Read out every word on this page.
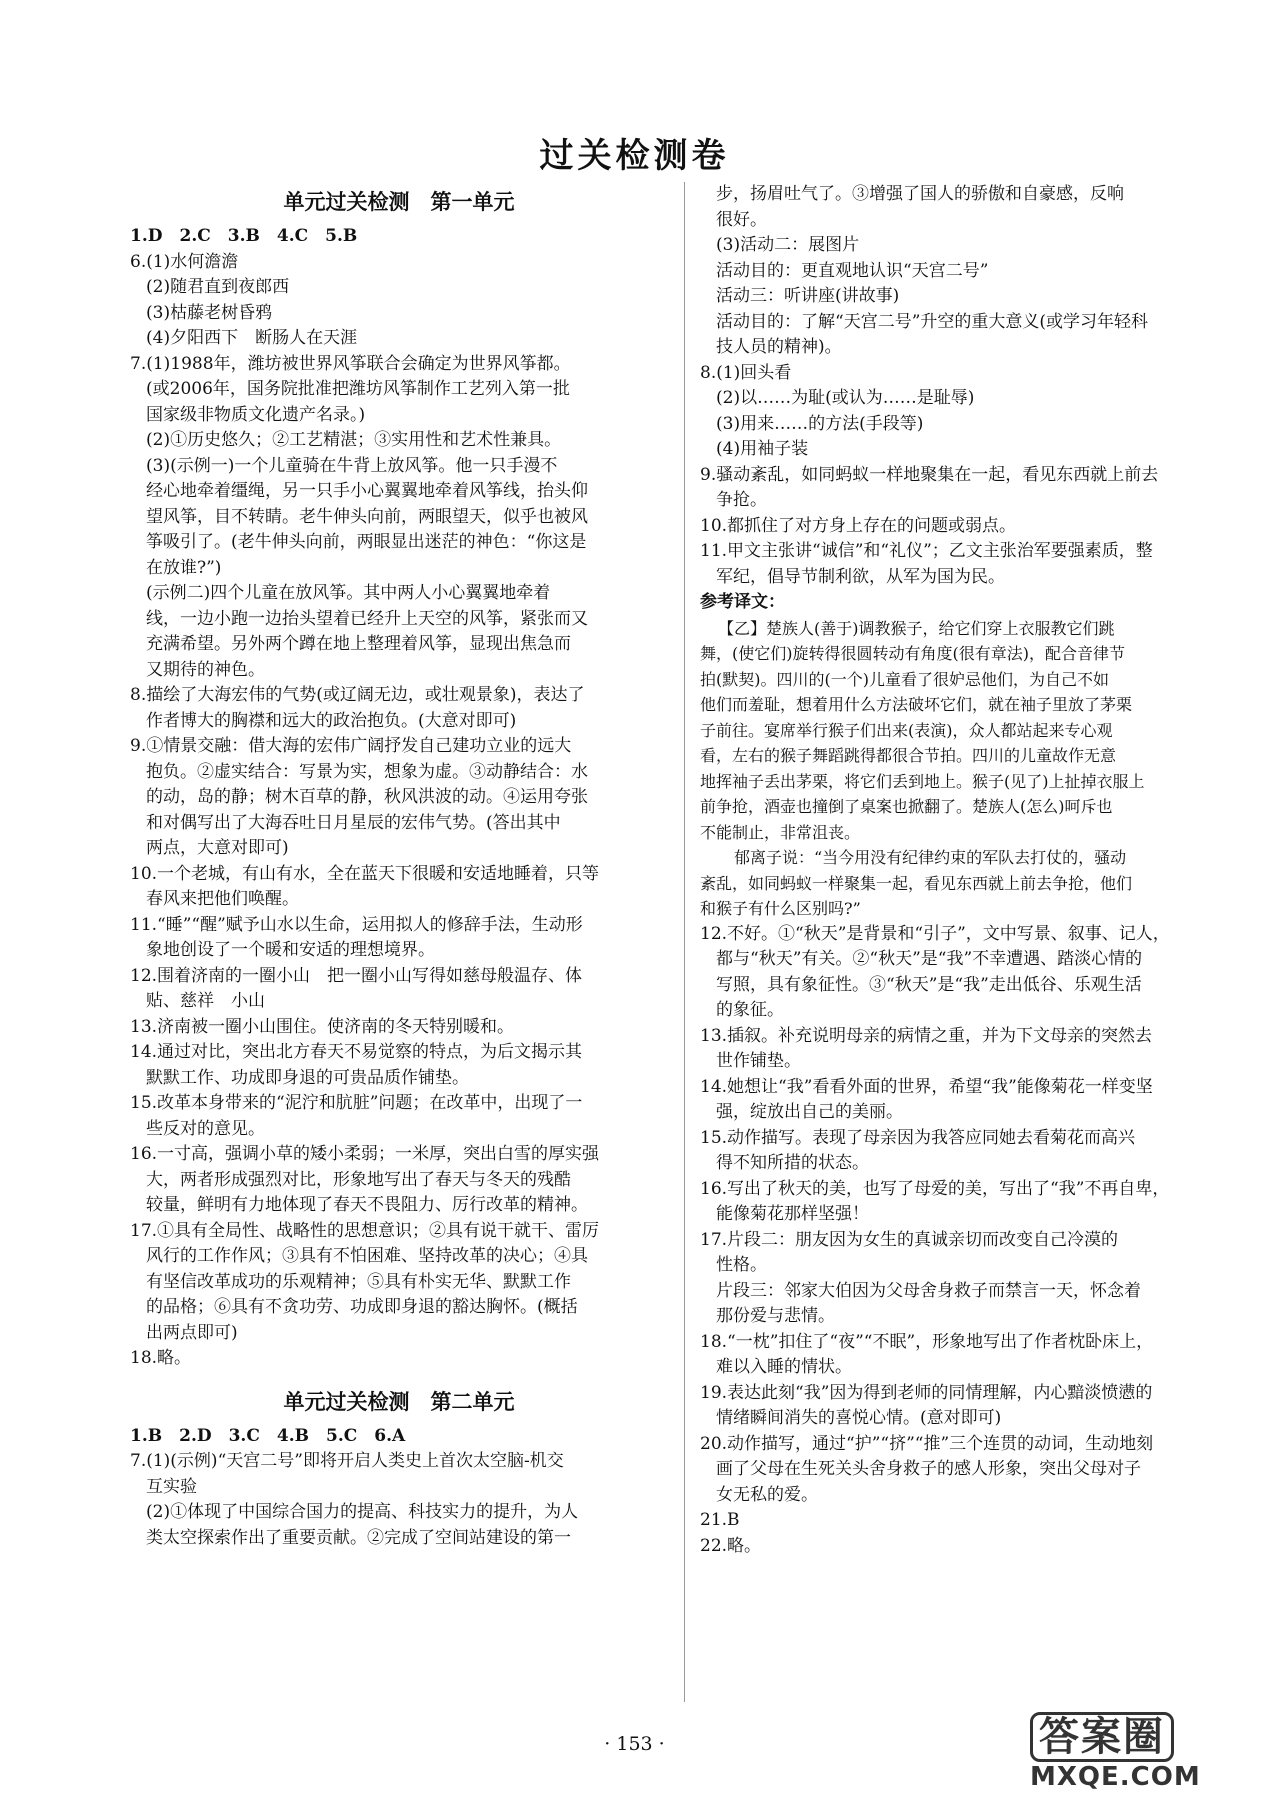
过关检测卷
单元过关检测　第一单元
1.D　2.C　3.B　4.C　5.B
6.(1)水何澹澹
(2)随君直到夜郎西
(3)枯藤老树昏鸦
(4)夕阳西下　断肠人在天涯
7.(1)1988年，潍坊被世界风筝联合会确定为世界风筝都。
(或2006年，国务院批准把潍坊风筝制作工艺列入第一批
国家级非物质文化遗产名录。)
(2)①历史悠久；②工艺精湛；③实用性和艺术性兼具。
(3)(示例一)一个儿童骑在牛背上放风筝。他一只手漫不
经心地牵着缰绳，另一只手小心翼翼地牵着风筝线，抬头仰
望风筝，目不转睛。老牛伸头向前，两眼望天，似乎也被风
筝吸引了。(老牛伸头向前，两眼显出迷茫的神色：“你这是
在放谁?”)
(示例二)四个儿童在放风筝。其中两人小心翼翼地牵着
线，一边小跑一边抬头望着已经升上天空的风筝，紧张而又
充满希望。另外两个蹲在地上整理着风筝，显现出焦急而
又期待的神色。
8.描绘了大海宏伟的气势(或辽阔无边，或壮观景象)，表达了
作者博大的胸襟和远大的政治抱负。(大意对即可)
9.①情景交融：借大海的宏伟广阔抒发自己建功立业的远大
抱负。②虚实结合：写景为实，想象为虚。③动静结合：水
的动，岛的静；树木百草的静，秋风洪波的动。④运用夸张
和对偶写出了大海吞吐日月星辰的宏伟气势。(答出其中
两点，大意对即可)
10.一个老城，有山有水，全在蓝天下很暖和安适地睡着，只等
春风来把他们唤醒。
11.“睡”“醒”赋予山水以生命，运用拟人的修辞手法，生动形
象地创设了一个暖和安适的理想境界。
12.围着济南的一圈小山　把一圈小山写得如慈母般温存、体
贴、慈祥　小山
13.济南被一圈小山围住。使济南的冬天特别暖和。
14.通过对比，突出北方春天不易觉察的特点，为后文揭示其
默默工作、功成即身退的可贵品质作铺垫。
15.改革本身带来的“泥泞和肮脏”问题；在改革中，出现了一
些反对的意见。
16.一寸高，强调小草的矮小柔弱；一米厚，突出白雪的厚实强
大，两者形成强烈对比，形象地写出了春天与冬天的残酷
较量，鲜明有力地体现了春天不畏阻力、厉行改革的精神。
17.①具有全局性、战略性的思想意识；②具有说干就干、雷厉
风行的工作作风；③具有不怕困难、坚持改革的决心；④具
有坚信改革成功的乐观精神；⑤具有朴实无华、默默工作
的品格；⑥具有不贪功劳、功成即身退的豁达胸怀。(概括
出两点即可)
18.略。
单元过关检测　第二单元
1.B　2.D　3.C　4.B　5.C　6.A
7.(1)(示例)“天宫二号”即将开启人类史上首次太空脑-机交
互实验
(2)①体现了中国综合国力的提高、科技实力的提升，为人
类太空探索作出了重要贡献。②完成了空间站建设的第一
步，扬眉吐气了。③增强了国人的骄傲和自豪感，反响
很好。
(3)活动二：展图片
活动目的：更直观地认识“天宫二号”
活动三：听讲座(讲故事)
活动目的：了解“天宫二号”升空的重大意义(或学习年轻科
技人员的精神)。
8.(1)回头看
(2)以……为耻(或认为……是耻辱)
(3)用来……的方法(手段等)
(4)用袖子装
9.骚动紊乱，如同蚂蚁一样地聚集在一起，看见东西就上前去
争抢。
10.都抓住了对方身上存在的问题或弱点。
11.甲文主张讲“诚信”和“礼仪”；乙文主张治军要强素质，整
军纪，倡导节制利欲，从军为国为民。
参考译文：
【乙】楚族人(善于)调教猴子，给它们穿上衣服教它们跳
舞，(使它们)旋转得很圆转动有角度(很有章法)，配合音律节
拍(默契)。四川的(一个)儿童看了很妒忌他们，为自己不如
他们而羞耻，想着用什么方法破坏它们，就在袖子里放了茅栗
子前往。宴席举行猴子们出来(表演)，众人都站起来专心观
看，左右的猴子舞蹈跳得都很合节拍。四川的儿童故作无意
地挥袖子丢出茅栗，将它们丢到地上。猴子(见了)上扯掉衣服上
前争抢，酒壶也撞倒了桌案也掀翻了。楚族人(怎么)呵斥也
不能制止，非常沮丧。
郁离子说：“当今用没有纪律约束的军队去打仗的，骚动
紊乱，如同蚂蚁一样聚集一起，看见东西就上前去争抢，他们
和猴子有什么区别吗?”
12.不好。①“秋天”是背景和“引子”，文中写景、叙事、记人，
都与“秋天”有关。②“秋天”是“我”不幸遭遇、踏淡心情的
写照，具有象征性。③“秋天”是“我”走出低谷、乐观生活
的象征。
13.插叙。补充说明母亲的病情之重，并为下文母亲的突然去
世作铺垫。
14.她想让“我”看看外面的世界，希望“我”能像菊花一样变坚
强，绽放出自己的美丽。
15.动作描写。表现了母亲因为我答应同她去看菊花而高兴
得不知所措的状态。
16.写出了秋天的美，也写了母爱的美，写出了“我”不再自卑，
能像菊花那样坚强！
17.片段二：朋友因为女生的真诚亲切而改变自己冷漠的
性格。
片段三：邻家大伯因为父母舍身救子而禁言一天，怀念着
那份爱与悲情。
18.“一枕”扣住了“夜”“不眠”，形象地写出了作者枕卧床上，
难以入睡的情状。
19.表达此刻“我”因为得到老师的同情理解，内心黯淡愤懑的
情绪瞬间消失的喜悦心情。(意对即可)
20.动作描写，通过“护”“挤”“推”三个连贯的动词，生动地刻
画了父母在生死关头舍身救子的感人形象，突出父母对子
女无私的爱。
21.B
22.略。
· 153 ·	答案圈
MXQE.COM
